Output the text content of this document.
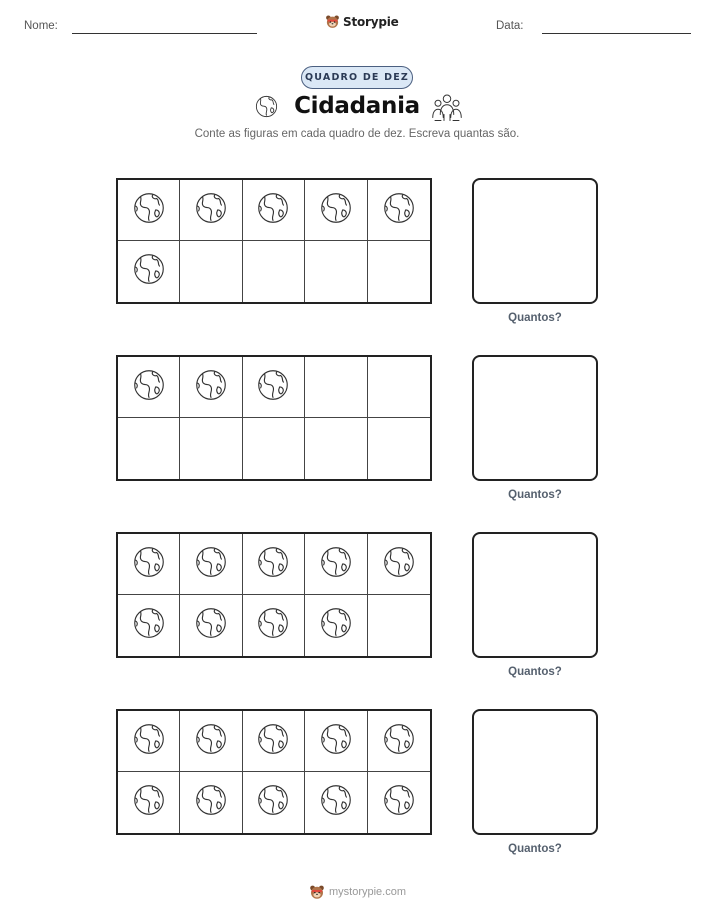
Nome:	Storypie	Data:
QUADRO DE DEZ
Cidadania
Conte as figuras em cada quadro de dez. Escreva quantas são.
Quantos?
Quantos?
Quantos?
Quantos?
mystorypie.com
